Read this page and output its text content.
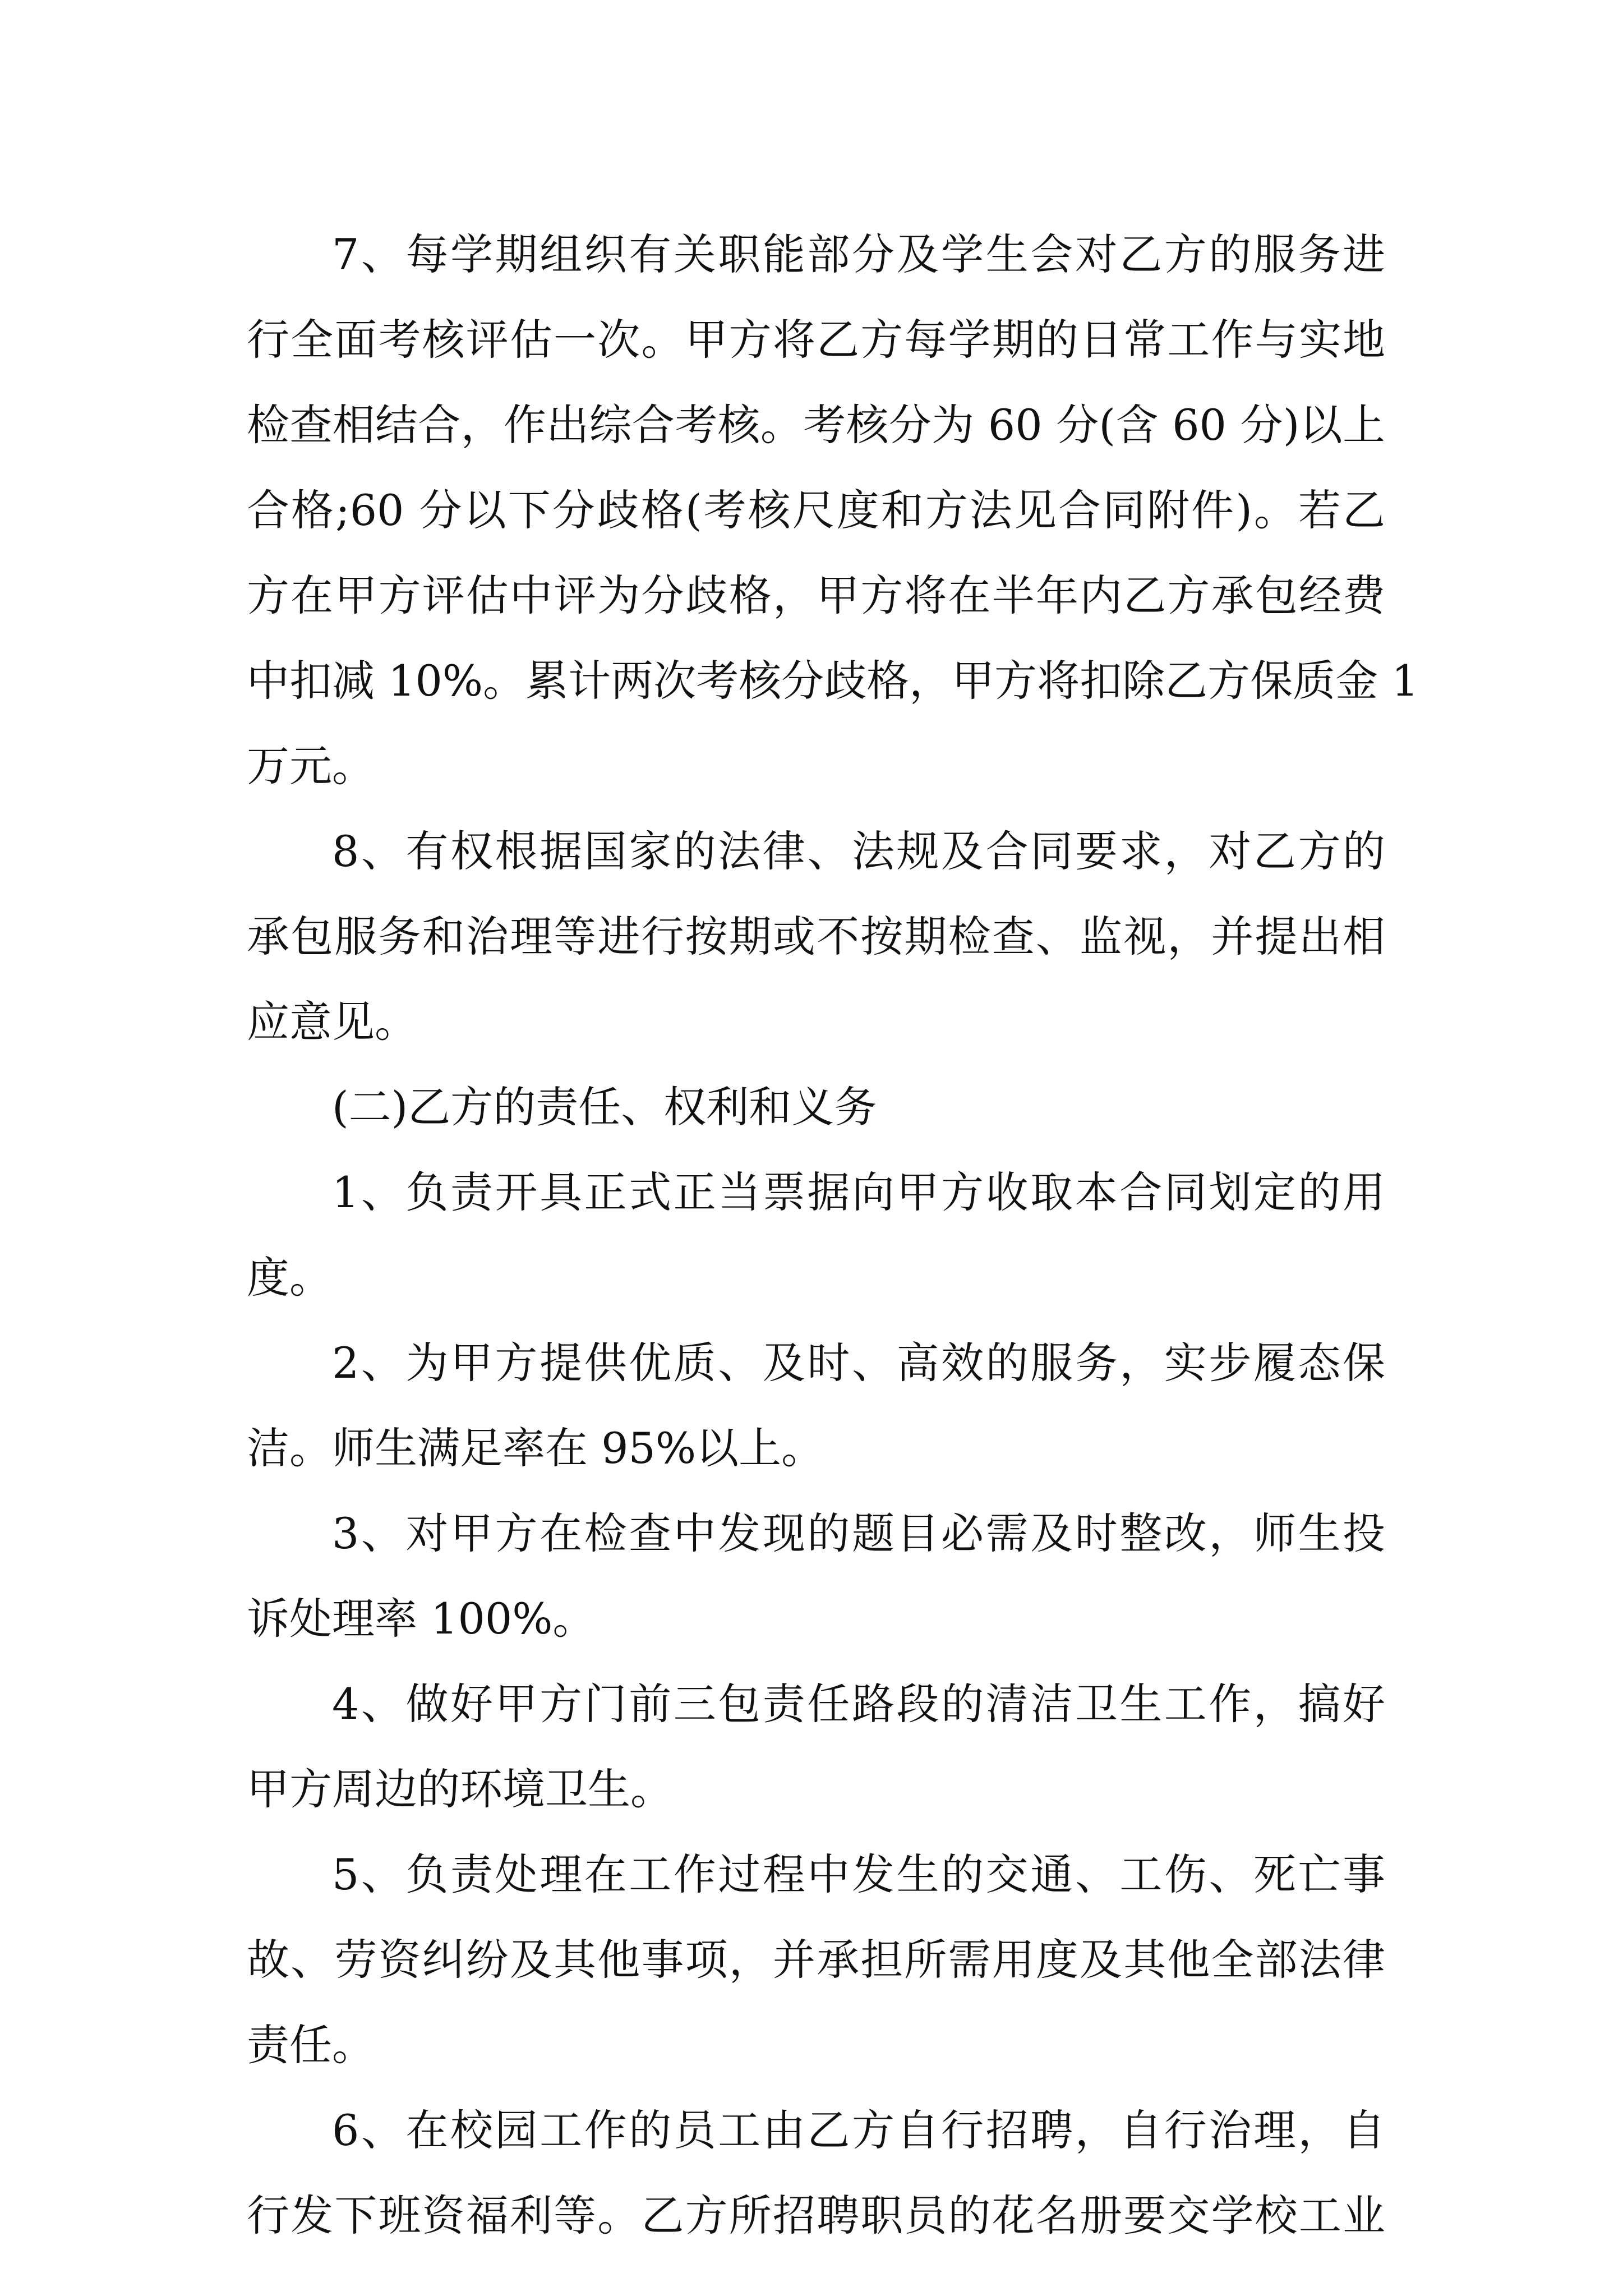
7、每学期组织有关职能部分及学生会对乙方的服务进
行全面考核评估一次。甲方将乙方每学期的日常工作与实地
检查相结合，作出综合考核。考核分为 60 分(含 60 分)以上
合格;60 分以下分歧格(考核尺度和方法见合同附件)。若乙
方在甲方评估中评为分歧格，甲方将在半年内乙方承包经费
中扣减 10%。累计两次考核分歧格，甲方将扣除乙方保质金 1
万元。
8、有权根据国家的法律、法规及合同要求，对乙方的
承包服务和治理等进行按期或不按期检查、监视，并提出相
应意见。
(二)乙方的责任、权利和义务
1、负责开具正式正当票据向甲方收取本合同划定的用
度。
2、为甲方提供优质、及时、高效的服务，实步履态保
洁。师生满足率在 95%以上。
3、对甲方在检查中发现的题目必需及时整改，师生投
诉处理率 100%。
4、做好甲方门前三包责任路段的清洁卫生工作，搞好
甲方周边的环境卫生。
5、负责处理在工作过程中发生的交通、工伤、死亡事
故、劳资纠纷及其他事项，并承担所需用度及其他全部法律
责任。
6、在校园工作的员工由乙方自行招聘，自行治理，自
行发下班资福利等。乙方所招聘职员的花名册要交学校工业
